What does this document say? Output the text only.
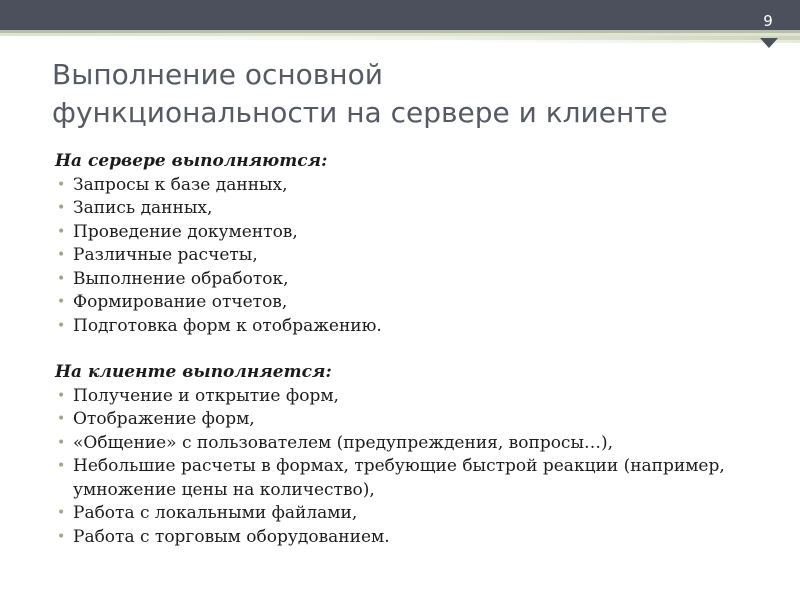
9
Выполнение основной
функциональности на сервере и клиенте

На сервере выполняются:

• Запросы к базе данных,
• Запись данных,
• Проведение документов,
• Различные расчеты,
• Выполнение обработок,
• Формирование отчетов,
• Подготовка форм к отображению.

На клиенте выполняется:

• Получение и открытие форм,
• Отображение форм,
• «Общение» с пользователем (предупреждения, вопросы…),
• Небольшие расчеты в формах, требующие быстрой реакции (например, умножение цены на количество),
• Работа с локальными файлами,
• Работа с торговым оборудованием.
